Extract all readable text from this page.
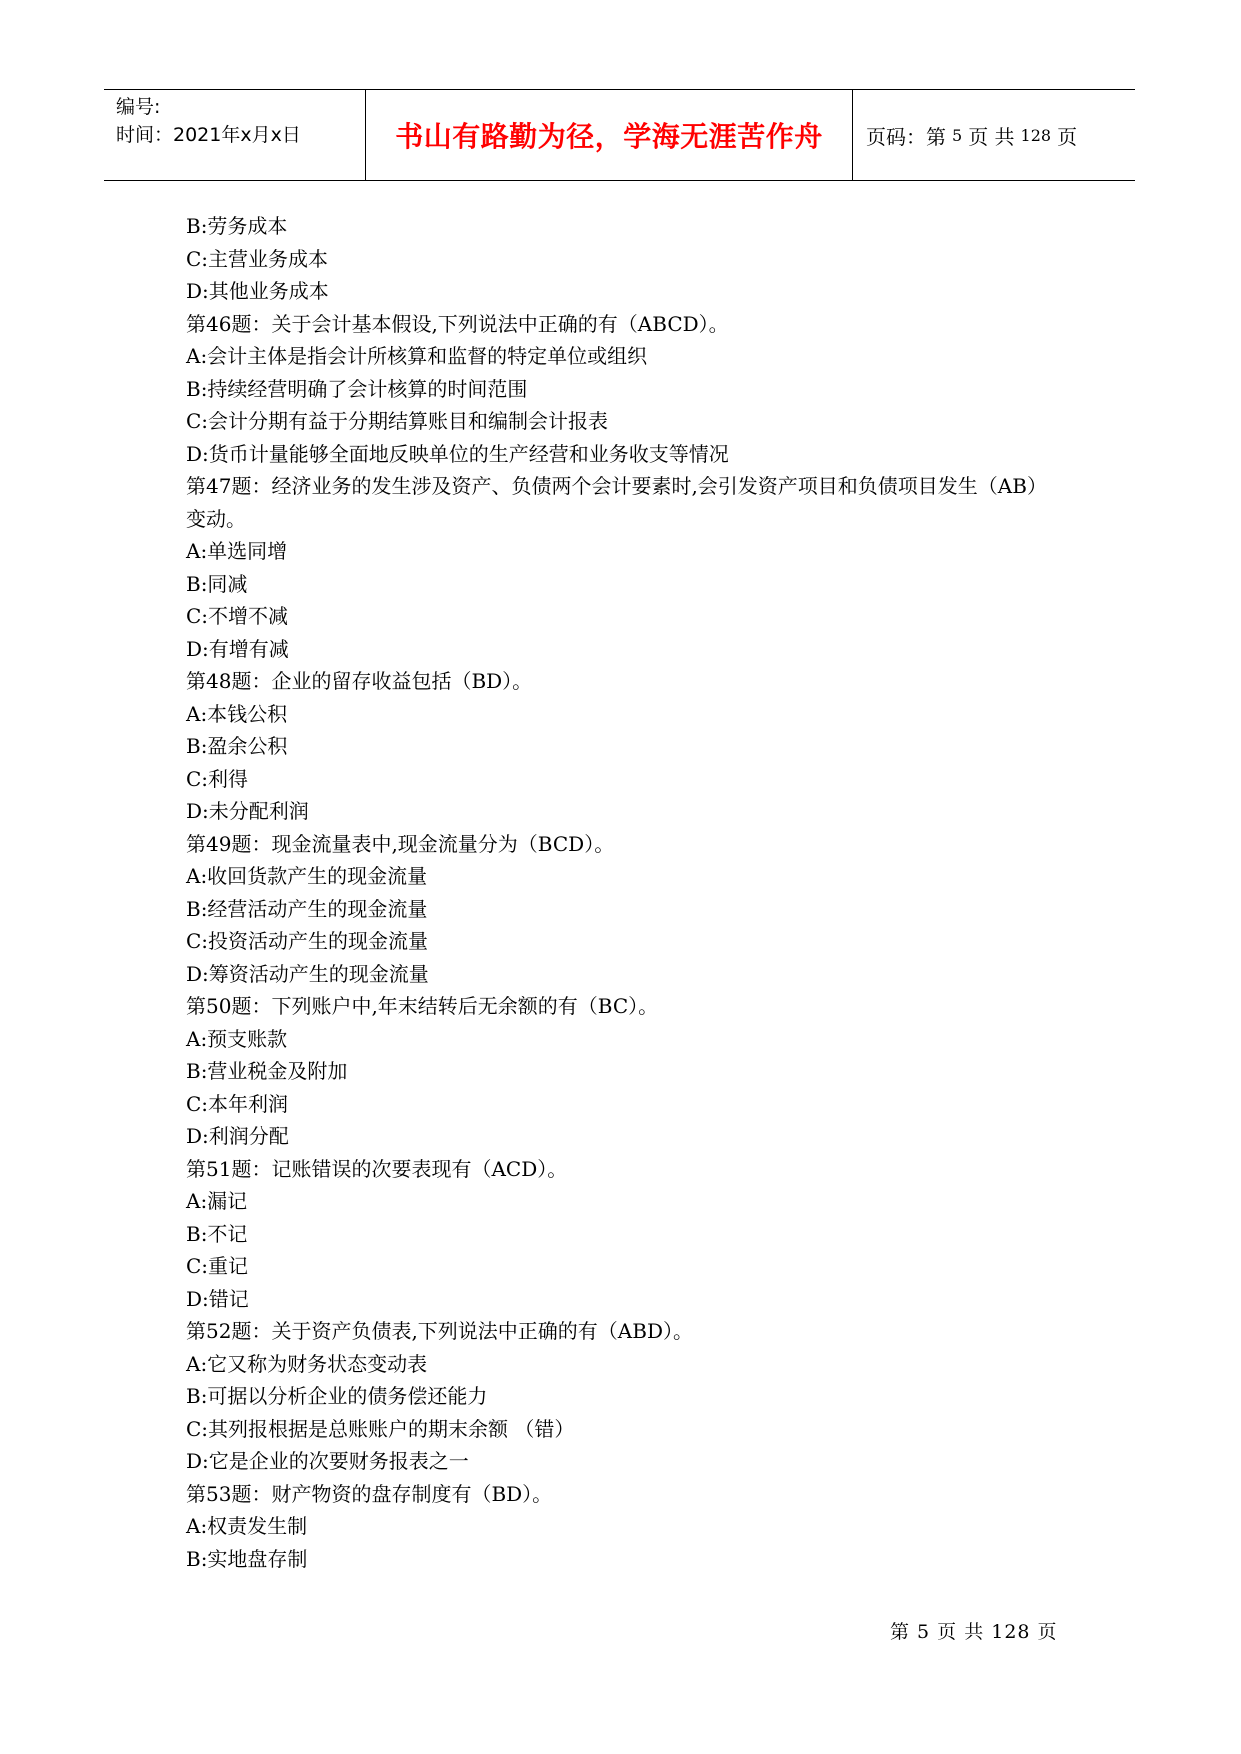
编号:
时间：2021年x月x日	书山有路勤为径，学海无涯苦作舟	页码：第 5 页 共 128 页
B:劳务成本
C:主营业务成本
D:其他业务成本
第46题：关于会计基本假设,下列说法中正确的有（ABCD）。
A:会计主体是指会计所核算和监督的特定单位或组织
B:持续经营明确了会计核算的时间范围
C:会计分期有益于分期结算账目和编制会计报表
D:货币计量能够全面地反映单位的生产经营和业务收支等情况
第47题：经济业务的发生涉及资产、负债两个会计要素时,会引发资产项目和负债项目发生（AB）变动。
A:单选同增
B:同减
C:不增不减
D:有增有减
第48题：企业的留存收益包括（BD）。
A:本钱公积
B:盈余公积
C:利得
D:未分配利润
第49题：现金流量表中,现金流量分为（BCD）。
A:收回货款产生的现金流量
B:经营活动产生的现金流量
C:投资活动产生的现金流量
D:筹资活动产生的现金流量
第50题：下列账户中,年末结转后无余额的有（BC）。
A:预支账款
B:营业税金及附加
C:本年利润
D:利润分配
第51题：记账错误的次要表现有（ACD）。
A:漏记
B:不记
C:重记
D:错记
第52题：关于资产负债表,下列说法中正确的有（ABD）。
A:它又称为财务状态变动表
B:可据以分析企业的债务偿还能力
C:其列报根据是总账账户的期末余额 （错）
D:它是企业的次要财务报表之一
第53题：财产物资的盘存制度有（BD）。
A:权责发生制
B:实地盘存制
第 5 页 共 128 页
